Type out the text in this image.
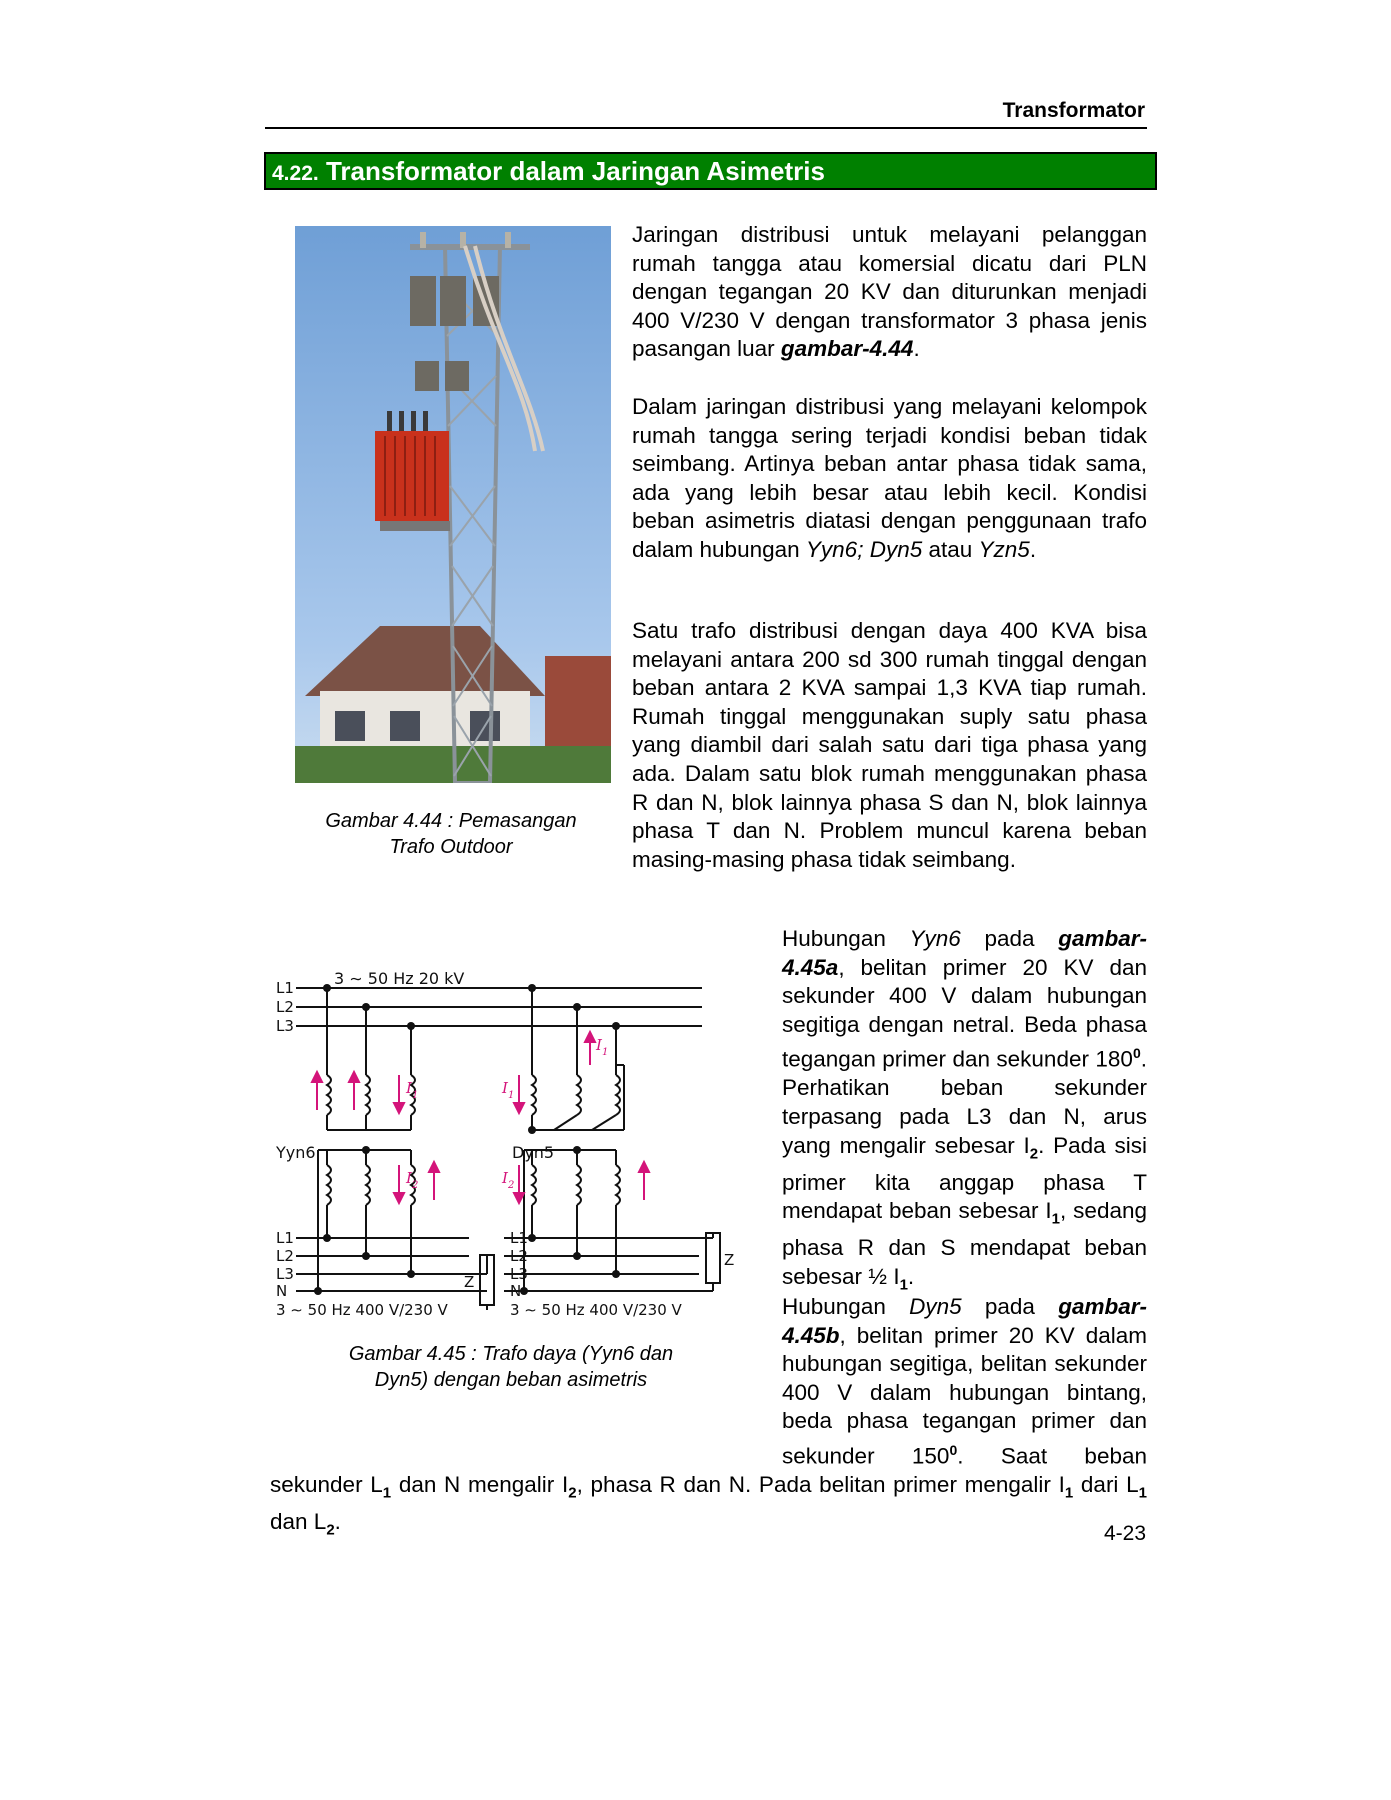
Transformator
4.22. Transformator dalam Jaringan Asimetris
Gambar 4.44 : Pemasangan
Trafo Outdoor

Jaringan distribusi untuk melayani pelanggan rumah tangga atau komersial dicatu dari PLN dengan tegangan 20 KV dan diturunkan menjadi 400 V/230 V dengan transformator 3 phasa jenis pasangan luar gambar-4.44.

Dalam jaringan distribusi yang melayani kelompok rumah tangga sering terjadi kondisi beban tidak seimbang. Artinya beban antar phasa tidak sama, ada yang lebih besar atau lebih kecil. Kondisi beban asimetris diatasi dengan penggunaan trafo dalam hubungan Yyn6; Dyn5 atau Yzn5.

Satu trafo distribusi dengan daya 400 KVA bisa melayani antara 200 sd 300 rumah tinggal dengan beban antara 2 KVA sampai 1,3 KVA tiap rumah. Rumah tinggal menggunakan suply satu phasa yang diambil dari salah satu dari tiga phasa yang ada. Dalam satu blok rumah menggunakan phasa R dan N, blok lainnya phasa S dan N, blok lainnya phasa T dan N. Problem muncul karena beban masing-masing phasa tidak seimbang.

Hubungan Yyn6 pada gambar-4.45a, belitan primer 20 KV dan sekunder 400 V dalam hubungan segitiga dengan netral. Beda phasa tegangan primer dan sekunder $180^0$. Perhatikan beban sekunder terpasang pada L3 dan N, arus yang mengalir sebesar $I_2$. Pada sisi primer kita anggap phasa T mendapat beban sebesar $I_1$, sedang phasa R dan S mendapat beban sebesar ½ $I_1$.

Hubungan Dyn5 pada gambar-4.45b, belitan primer 20 KV dalam hubungan segitiga, belitan sekunder 400 V dalam hubungan bintang, beda phasa tegangan primer dan sekunder $150^0$. Saat beban sekunder $L_1$ dan N mengalir $I_2$, phasa R dan N. Pada belitan primer mengalir $I_1$ dari $L_1$ dan $L_2$.

L1
L2
L3
3 ∼ 50 Hz 20 kV
Yyn6	Dyn5
L1
L2
L3
N
L1
L2
L3
N
3 ∼ 50 Hz 400 V/230 V	3 ∼ 50 Hz 400 V/230 V
Z
Z
I 1
I 2
I 1
I 1
I 2
Gambar 4.45 : Trafo daya (Yyn6 dan
Dyn5) dengan beban asimetris
4-23
